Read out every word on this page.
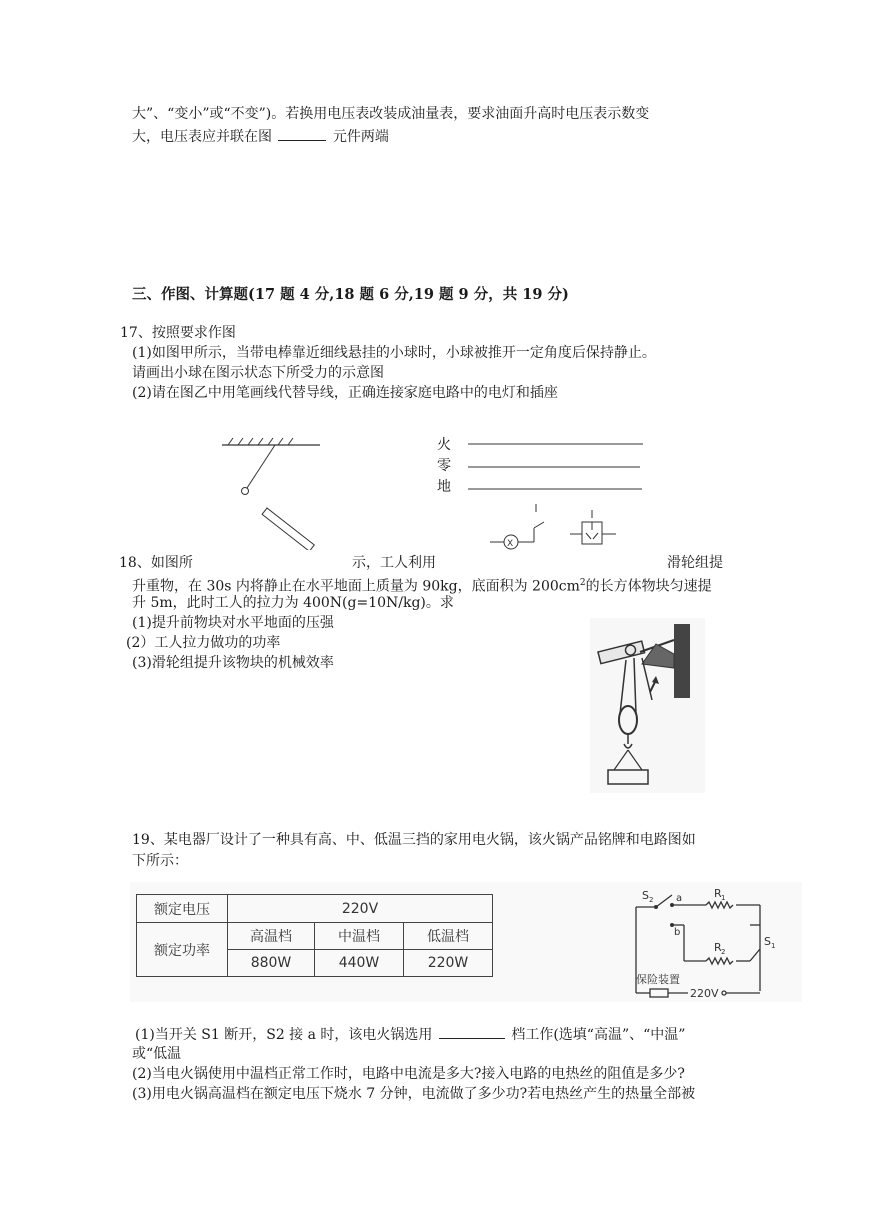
大”、“变小”或“不变”)。若换用电压表改装成油量表，要求油面升高时电压表示数变
大，电压表应并联在图	元件两端
三、作图、计算题(17 题 4 分,18 题 6 分,19 题 9 分，共 19 分)
17、按照要求作图
(1)如图甲所示，当带电棒靠近细线悬挂的小球时，小球被推开一定角度后保持静止。
请画出小球在图示状态下所受力的示意图
(2)请在图乙中用笔画线代替导线，正确连接家庭电路中的电灯和插座
火
零
地
X
18、如图所	示，工人利用	滑轮组提
升重物，在 30s 内将静止在水平地面上质量为 90kg，底面积为 $200cm^2$的长方体物块匀速提
升 5m，此时工人的拉力为 400N(g=10N/kg)。求
(1)提升前物块对水平地面的压强
(2）工人拉力做功的功率
(3)滑轮组提升该物块的机械效率
19、某电器厂设计了一种具有高、中、低温三挡的家用电火锅，该火锅产品铭牌和电路图如
下所示：
额定电压	220V		
额定功率	高温档	中温档	低温档
	880W	440W	220W
S 2 a
b
R 1
R 2
S 1
保险装置
220V
(1)当开关 S1 断开，S2 接 a 时，该电火锅选用	档工作(选填“高温”、“中温”
或“低温
(2)当电火锅使用中温档正常工作时，电路中电流是多大?接入电路的电热丝的阻值是多少?
(3)用电火锅高温档在额定电压下烧水 7 分钟，电流做了多少功?若电热丝产生的热量全部被
